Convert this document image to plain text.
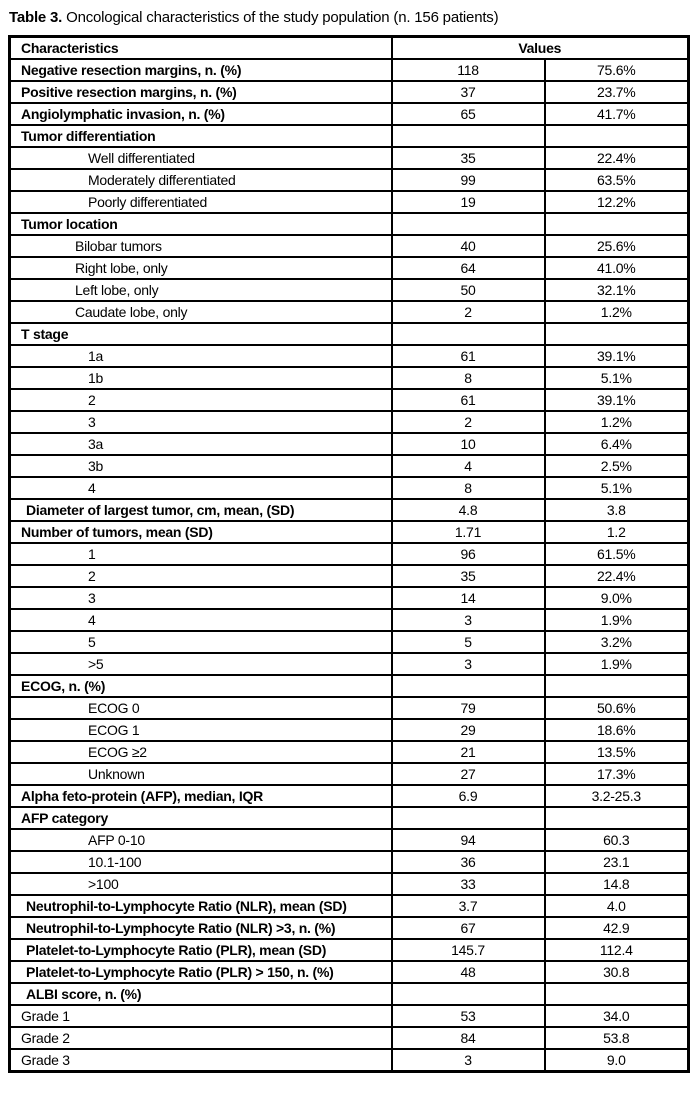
Table 3. Oncological characteristics of the study population (n. 156 patients)
Characteristics	Values	
Negative resection margins, n. (%)	118	75.6%
Positive resection margins, n. (%)	37	23.7%
Angiolymphatic invasion, n. (%)	65	41.7%
Tumor differentiation		
Well differentiated	35	22.4%
Moderately differentiated	99	63.5%
Poorly differentiated	19	12.2%
Tumor location		
Bilobar tumors	40	25.6%
Right lobe, only	64	41.0%
Left lobe, only	50	32.1%
Caudate lobe, only	2	1.2%
T stage		
1a	61	39.1%
1b	8	5.1%
2	61	39.1%
3	2	1.2%
3a	10	6.4%
3b	4	2.5%
4	8	5.1%
Diameter of largest tumor, cm, mean, (SD)	4.8	3.8
Number of tumors, mean (SD)	1.71	1.2
1	96	61.5%
2	35	22.4%
3	14	9.0%
4	3	1.9%
5	5	3.2%
>5	3	1.9%
ECOG, n. (%)		
ECOG 0	79	50.6%
ECOG 1	29	18.6%
ECOG ≥2	21	13.5%
Unknown	27	17.3%
Alpha feto-protein (AFP), median, IQR	6.9	3.2-25.3
AFP category		
AFP 0-10	94	60.3
10.1-100	36	23.1
>100	33	14.8
Neutrophil-to-Lymphocyte Ratio (NLR), mean (SD)	3.7	4.0
Neutrophil-to-Lymphocyte Ratio (NLR) >3, n. (%)	67	42.9
Platelet-to-Lymphocyte Ratio (PLR), mean (SD)	145.7	112.4
Platelet-to-Lymphocyte Ratio (PLR) > 150, n. (%)	48	30.8
ALBI score, n. (%)		
Grade 1	53	34.0
Grade 2	84	53.8
Grade 3	3	9.0
